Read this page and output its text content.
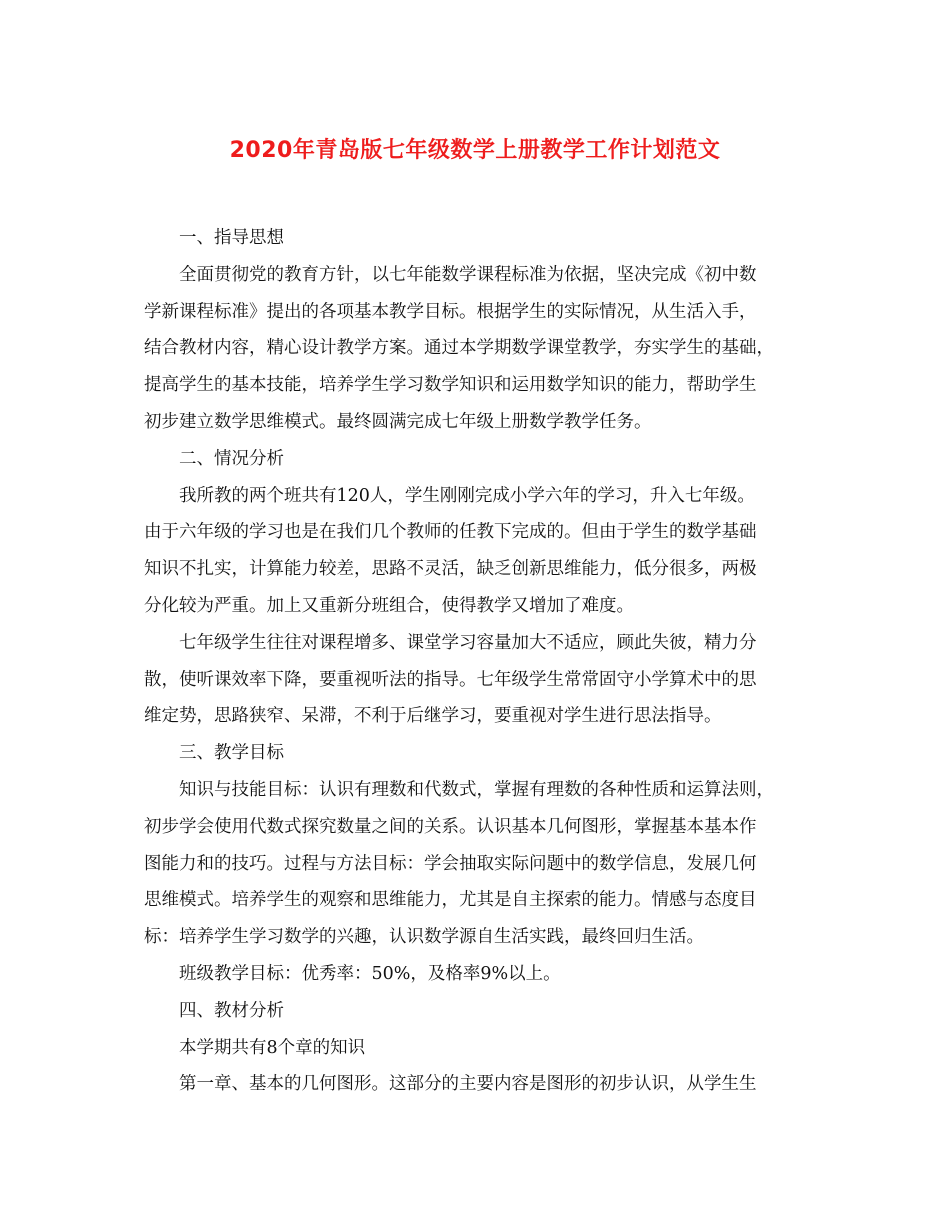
2020年青岛版七年级数学上册教学工作计划范文
一、指导思想
全面贯彻党的教育方针，以七年能数学课程标准为依据，坚决完成《初中数
学新课程标准》提出的各项基本教学目标。根据学生的实际情况，从生活入手，
结合教材内容，精心设计教学方案。通过本学期数学课堂教学，夯实学生的基础，
提高学生的基本技能，培养学生学习数学知识和运用数学知识的能力，帮助学生
初步建立数学思维模式。最终圆满完成七年级上册数学教学任务。
二、情况分析
我所教的两个班共有120人，学生刚刚完成小学六年的学习，升入七年级。
由于六年级的学习也是在我们几个教师的任教下完成的。但由于学生的数学基础
知识不扎实，计算能力较差，思路不灵活，缺乏创新思维能力，低分很多，两极
分化较为严重。加上又重新分班组合，使得教学又增加了难度。
七年级学生往往对课程增多、课堂学习容量加大不适应，顾此失彼，精力分
散，使听课效率下降，要重视听法的指导。七年级学生常常固守小学算术中的思
维定势，思路狭窄、呆滞，不利于后继学习，要重视对学生进行思法指导。
三、教学目标
知识与技能目标：认识有理数和代数式，掌握有理数的各种性质和运算法则，
初步学会使用代数式探究数量之间的关系。认识基本几何图形，掌握基本基本作
图能力和的技巧。过程与方法目标：学会抽取实际问题中的数学信息，发展几何
思维模式。培养学生的观察和思维能力，尤其是自主探索的能力。情感与态度目
标：培养学生学习数学的兴趣，认识数学源自生活实践，最终回归生活。
班级教学目标：优秀率：50%，及格率9%以上。
四、教材分析
本学期共有8个章的知识
第一章、基本的几何图形。这部分的主要内容是图形的初步认识，从学生生
